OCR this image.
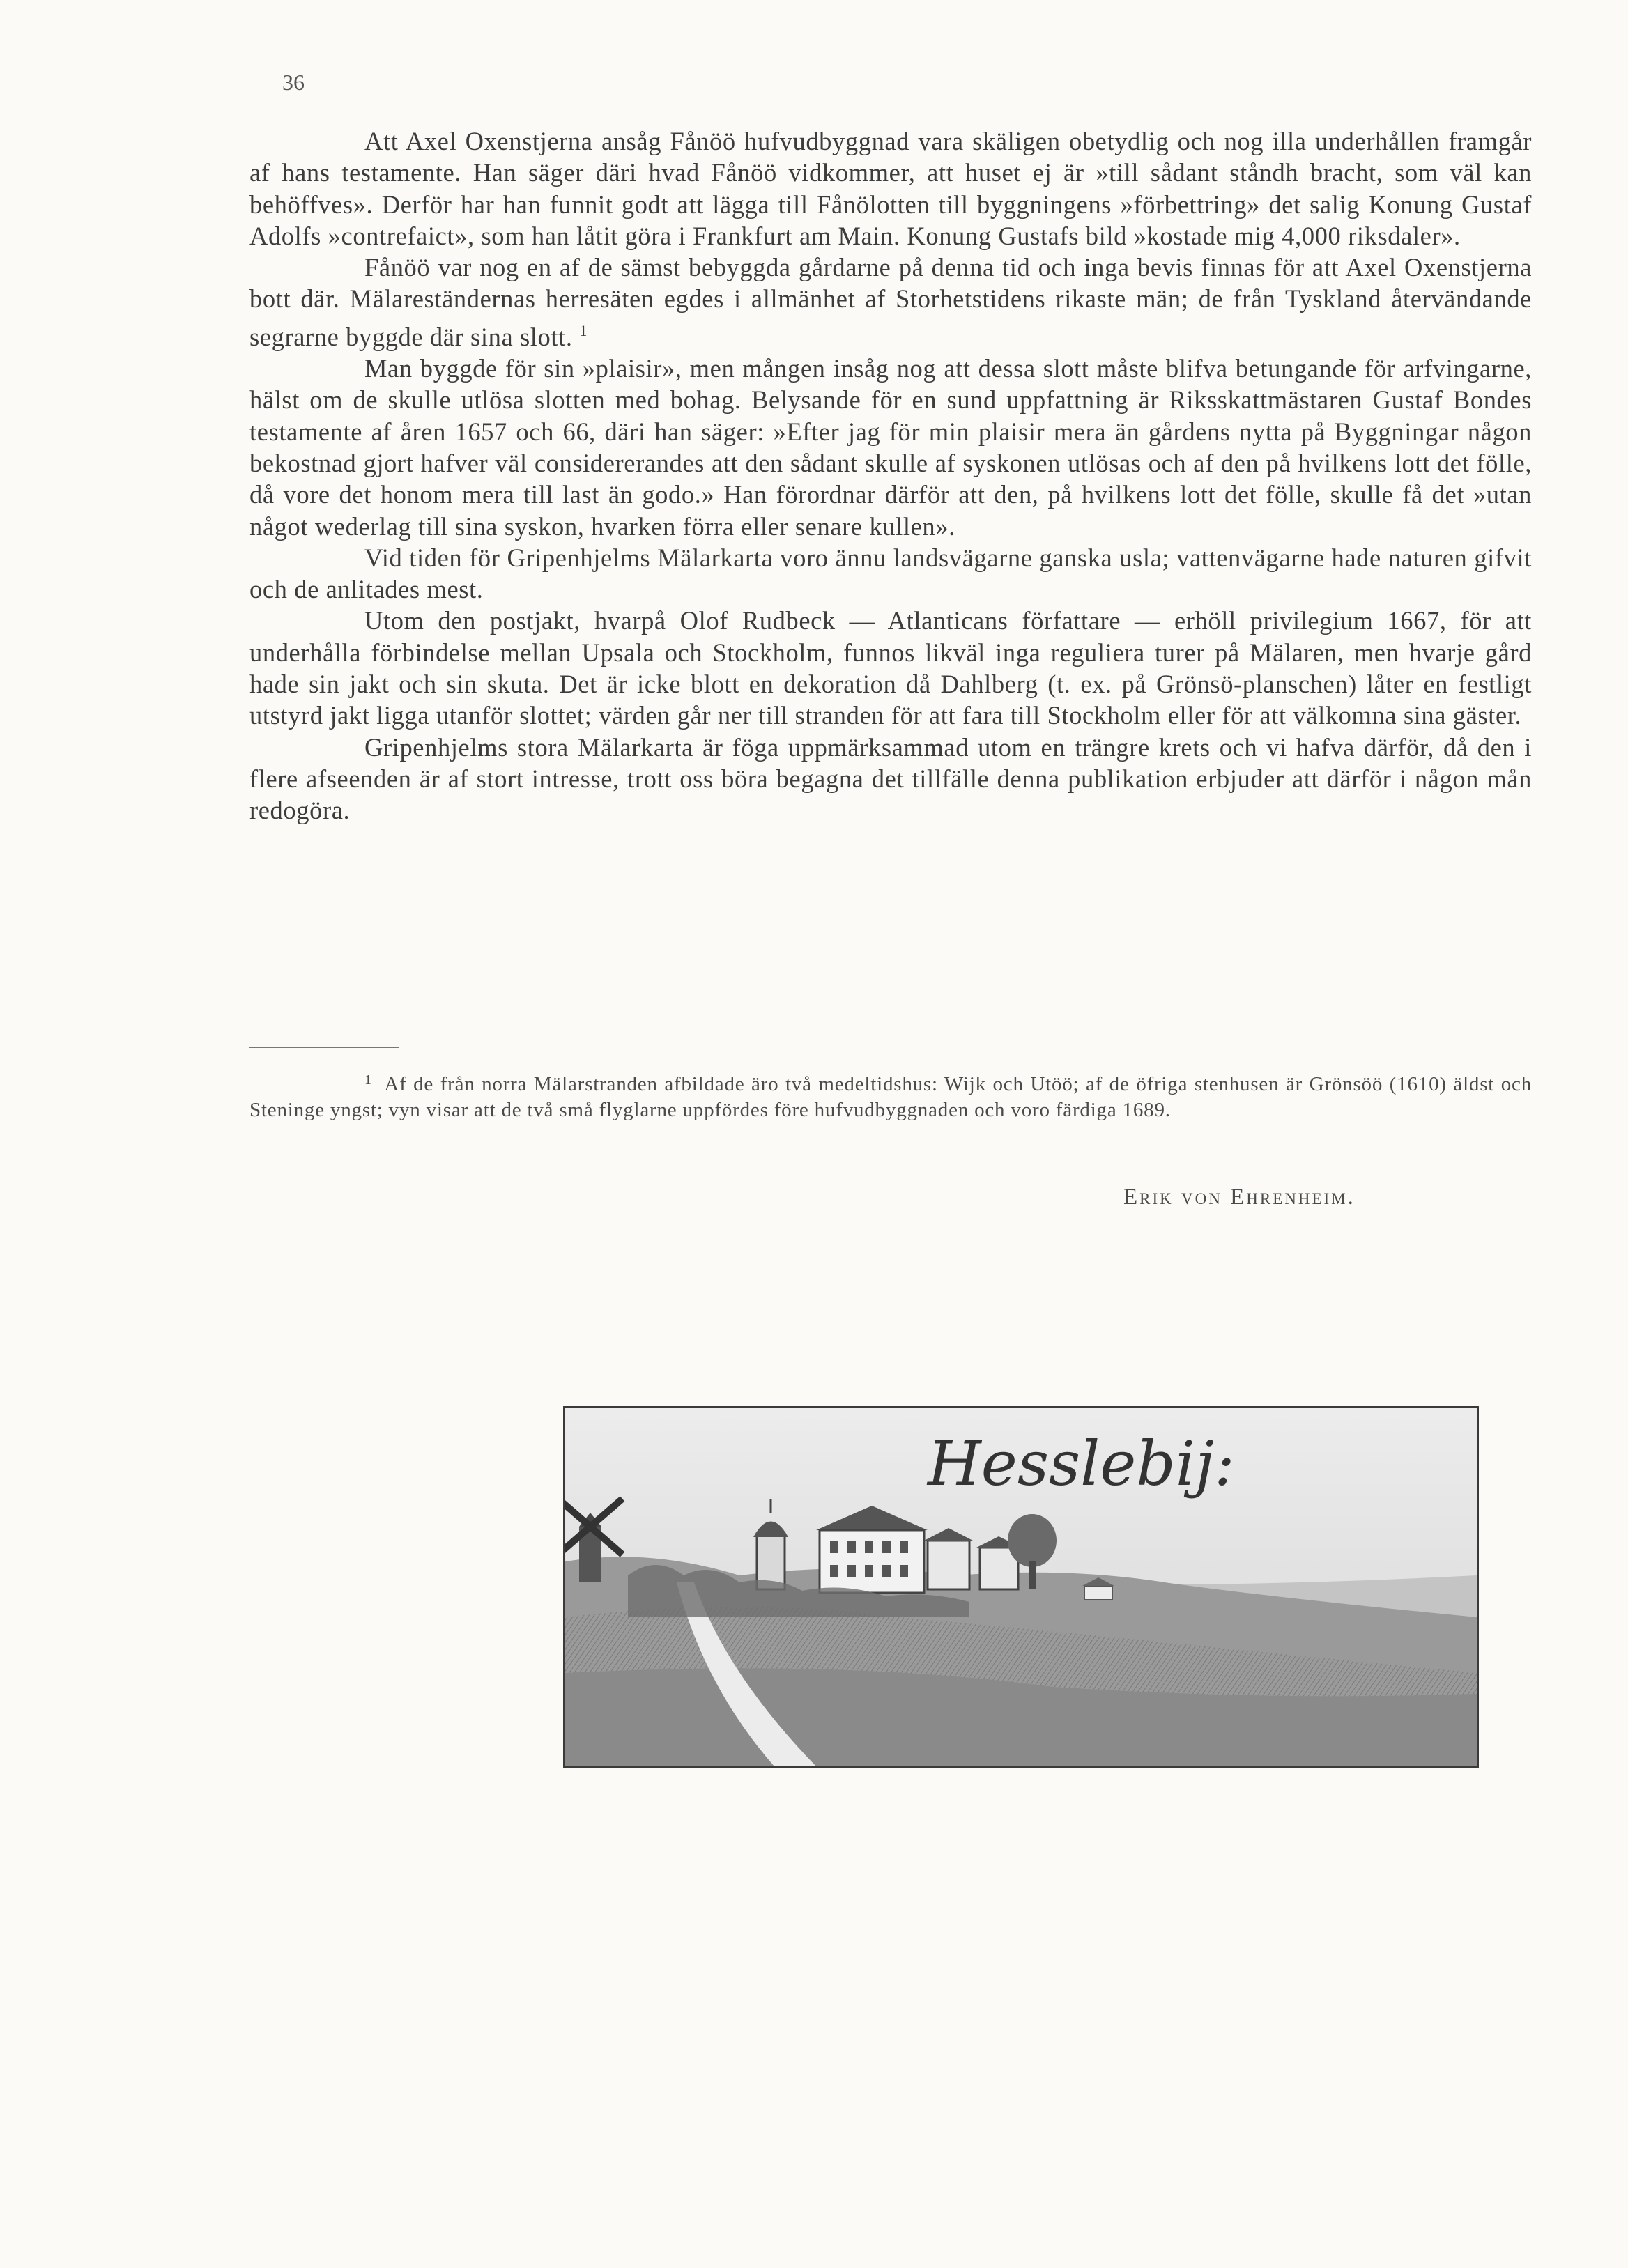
36

Att Axel Oxenstjerna ansåg Fånöö hufvudbyggnad vara skäligen obetydlig och nog illa underhållen framgår af hans testamente. Han säger däri hvad Fånöö vidkommer, att huset ej är »till sådant ståndh bracht, som väl kan behöffves». Derför har han funnit godt att lägga till Fånölotten till byggningens »förbettring» det salig Konung Gustaf Adolfs »contrefaict», som han låtit göra i Frankfurt am Main. Konung Gustafs bild »kostade mig 4,000 riksdaler».

Fånöö var nog en af de sämst bebyggda gårdarne på denna tid och inga bevis finnas för att Axel Oxenstjerna bott där. Mälareständernas herresäten egdes i allmänhet af Storhetstidens rikaste män; de från Tyskland återvändande segrarne byggde där sina slott. $^1$

Man byggde för sin »plaisir», men mången insåg nog att dessa slott måste blifva betungande för arfvingarne, hälst om de skulle utlösa slotten med bohag. Belysande för en sund uppfattning är Riksskattmästaren Gustaf Bondes testamente af åren 1657 och 66, däri han säger: »Efter jag för min plaisir mera än gårdens nytta på Byggningar någon bekostnad gjort hafver väl considererandes att den sådant skulle af syskonen utlösas och af den på hvilkens lott det fölle, då vore det honom mera till last än godo.» Han förordnar därför att den, på hvilkens lott det fölle, skulle få det »utan något wederlag till sina syskon, hvarken förra eller senare kullen».

Vid tiden för Gripenhjelms Mälarkarta voro ännu landsvägarne ganska usla; vattenvägarne hade naturen gifvit och de anlitades mest.

Utom den postjakt, hvarpå Olof Rudbeck — Atlanticans författare — erhöll privilegium 1667, för att underhålla förbindelse mellan Upsala och Stockholm, funnos likväl inga reguliera turer på Mälaren, men hvarje gård hade sin jakt och sin skuta. Det är icke blott en dekoration då Dahlberg (t. ex. på Grönsö-planschen) låter en festligt utstyrd jakt ligga utanför slottet; värden går ner till stranden för att fara till Stockholm eller för att välkomna sina gäster.

Gripenhjelms stora Mälarkarta är föga uppmärksammad utom en trängre krets och vi hafva därför, då den i flere afseenden är af stort intresse, trott oss böra begagna det tillfälle denna publikation erbjuder att därför i någon mån redogöra.

$^1$ Af de från norra Mälarstranden afbildade äro två medeltidshus: Wijk och Utöö; af de öfriga stenhusen är Grönsöö (1610) äldst och Steninge yngst; vyn visar att de två små flyglarne uppfördes före hufvudbyggnaden och voro färdiga 1689.
Erik von Ehrenheim.
Hesslebij:
